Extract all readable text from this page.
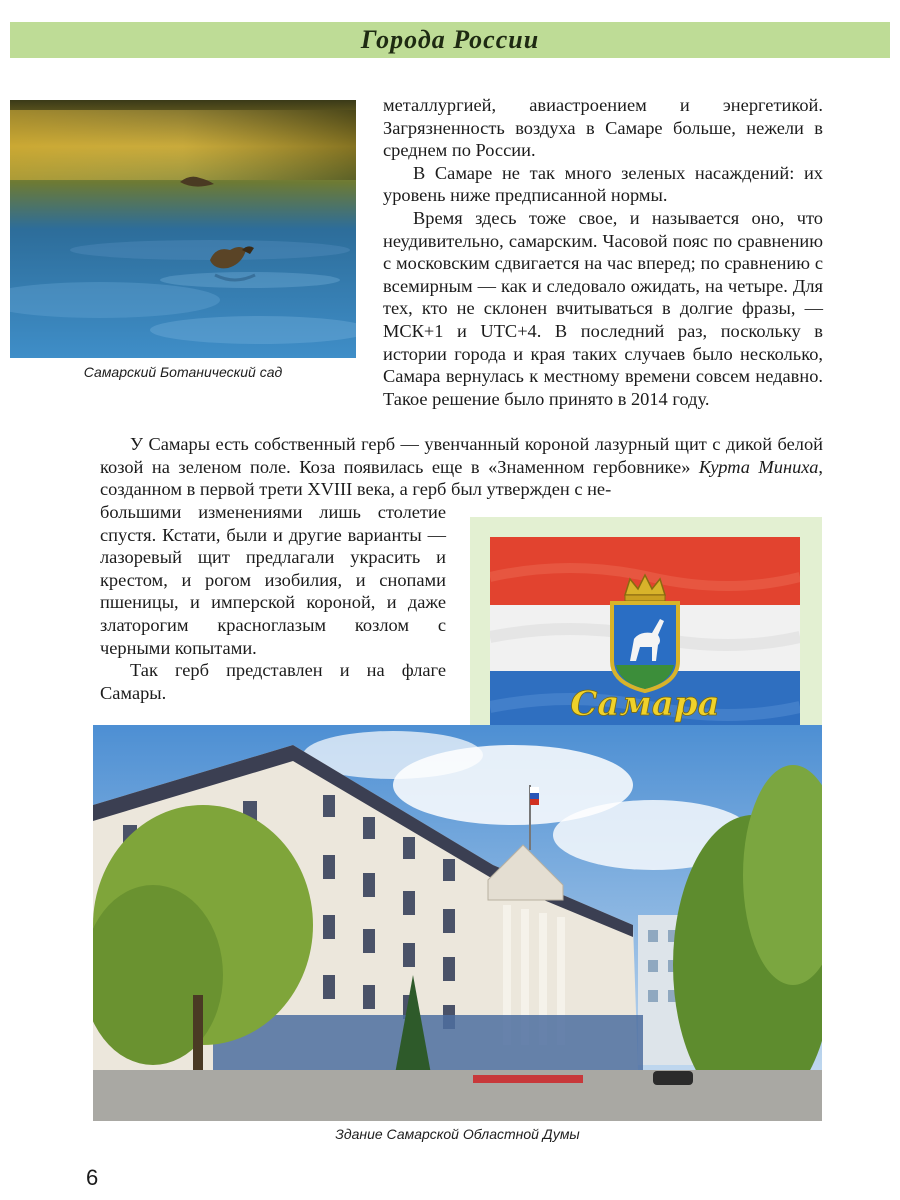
Города России
Самарский Ботанический сад

металлургией, авиастроением и энергетикой. Загрязненность воздуха в Самаре больше, нежели в среднем по России.

В Самаре не так много зеленых насаждений: их уровень ниже предписанной нормы.

Время здесь тоже свое, и называется оно, что неудивительно, самарским. Часовой пояс по сравнению с московским сдвигается на час вперед; по сравнению с всемирным — как и следовало ожидать, на четыре. Для тех, кто не склонен вчитываться в долгие фразы, — МСК+1 и UTC+4. В последний раз, поскольку в истории города и края таких случаев было несколько, Самара вернулась к местному времени совсем недавно. Такое решение было принято в 2014 году.

У Самары есть собственный герб — увенчанный короной лазурный щит с дикой белой козой на зеленом поле. Коза появилась еще в «Знаменном гербовнике» Курта Миниха, созданном в первой трети XVIII века, а герб был утвержден с не-

большими изменениями лишь столетие спустя. Кстати, были и другие варианты — лазоревый щит предлагали украсить и крестом, и рогом изобилия, и снопами пшеницы, и имперской короной, и даже златорогим красноглазым козлом с черными копытами.

Так герб представлен и на флаге Самары.	Самара
Здание Самарской Областной Думы
6
